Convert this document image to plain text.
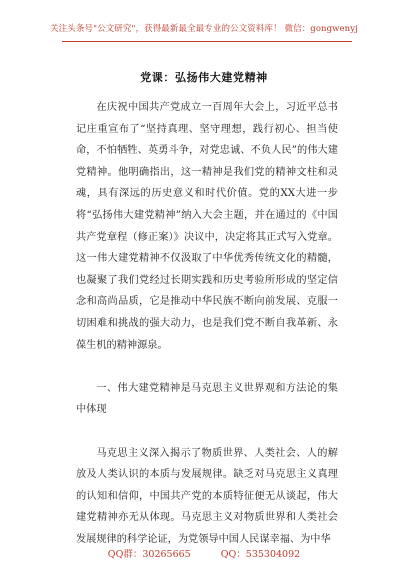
关注头条号"公文研究"，获得最新最全最专业的公文资料库！ 微信：gongwenyj
党课：弘扬伟大建党精神

在庆祝中国共产党成立一百周年大会上，习近平总书记庄重宣布了“坚持真理、坚守理想，践行初心、担当使命，不怕牺牲、英勇斗争，对党忠诚、不负人民”的伟大建党精神。他明确指出，这一精神是我们党的精神文柱和灵魂，具有深远的历史意义和时代价值。党的XX大进一步将“弘扬伟大建党精神”纳入大会主题，并在通过的《中国共产党章程（修正案）》决议中，决定将其正式写入党章。这一伟大建党精神不仅汲取了中华优秀传统文化的精髓，也凝聚了我们党经过长期实践和历史考验所形成的坚定信念和高尚品质，它是推动中华民族不断向前发展、克服一切困难和挑战的强大动力，也是我们党不断自我革新、永葆生机的精神源泉。

一、伟大建党精神是马克思主义世界观和方法论的集中体现

马克思主义深入揭示了物质世界、人类社会、人的解放及人类认识的本质与发展规律。缺乏对马克思主义真理的认知和信仰，中国共产党的本质特征便无从谈起，伟大建党精神亦无从体现。马克思主义对物质世界和人类社会发展规律的科学论证，为党领导中国人民谋幸福、为中华

QQ群：30265665	QQ：535304092
